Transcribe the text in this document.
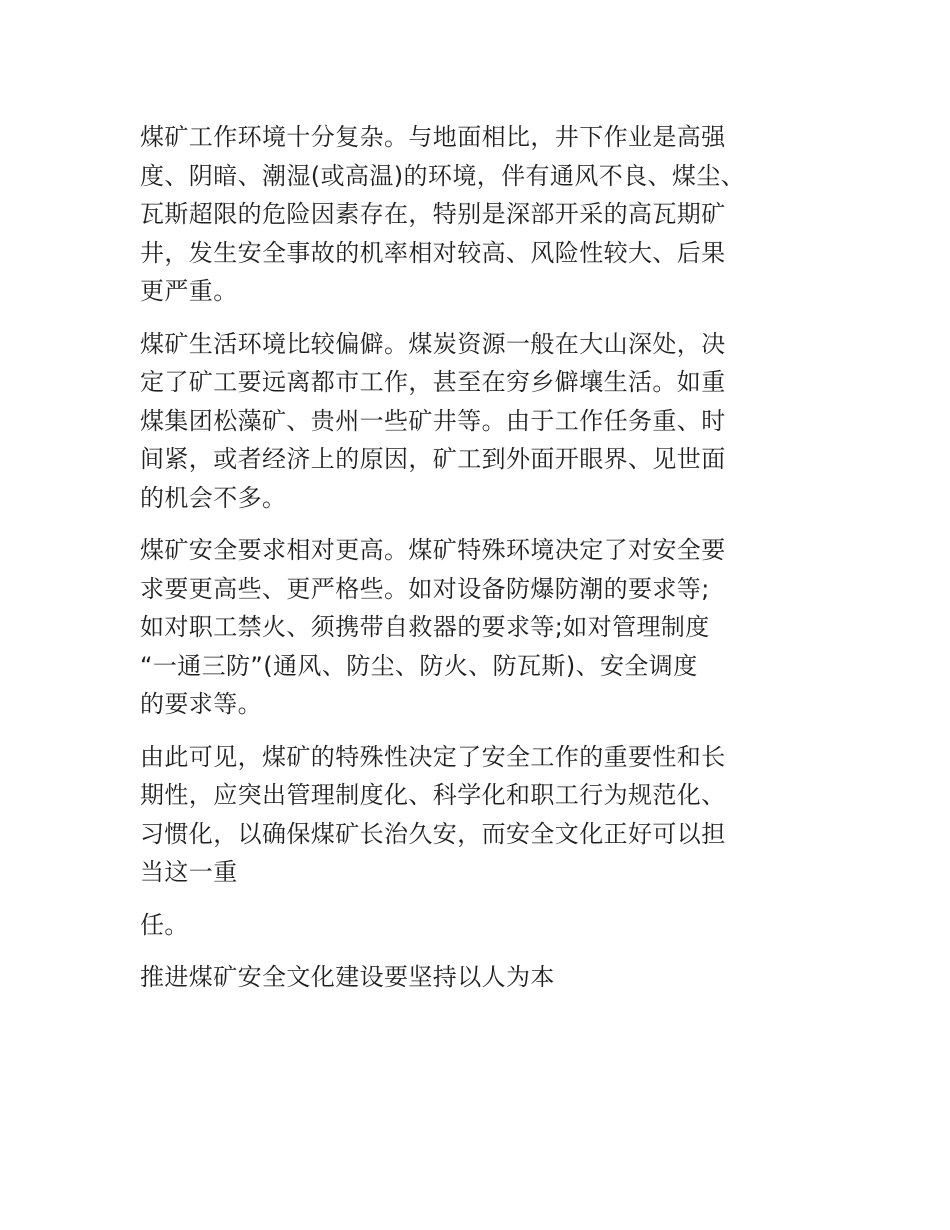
煤矿工作环境十分复杂。与地面相比，井下作业是高强
度、阴暗、潮湿(或高温)的环境，伴有通风不良、煤尘、
瓦斯超限的危险因素存在，特别是深部开采的高瓦期矿
井，发生安全事故的机率相对较高、风险性较大、后果
更严重。

煤矿生活环境比较偏僻。煤炭资源一般在大山深处，决
定了矿工要远离都市工作，甚至在穷乡僻壤生活。如重
煤集团松藻矿、贵州一些矿井等。由于工作任务重、时
间紧，或者经济上的原因，矿工到外面开眼界、见世面
的机会不多。

煤矿安全要求相对更高。煤矿特殊环境决定了对安全要
求要更高些、更严格些。如对设备防爆防潮的要求等;
如对职工禁火、须携带自救器的要求等;如对管理制度
“一通三防”(通风、防尘、防火、防瓦斯)、安全调度
的要求等。

由此可见，煤矿的特殊性决定了安全工作的重要性和长
期性，应突出管理制度化、科学化和职工行为规范化、
习惯化，以确保煤矿长治久安，而安全文化正好可以担
当这一重

任。

推进煤矿安全文化建设要坚持以人为本
